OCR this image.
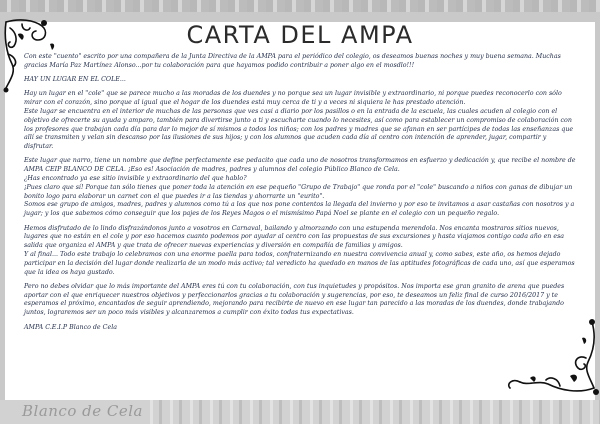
CARTA DEL AMPA

Con este "cuento" escrito por una compañera de la Junta Directiva de la AMPA para el periódico del colegio, os deseamos buenas noches y muy buena semana. Muchas gracias María Paz Martínez Alonso...por tu colaboración para que hayamos podido contribuir a poner algo en el mosdlo!!!

HAY UN LUGAR EN EL COLE...

Hay un lugar en el "cole" que se parece mucho a las moradas de los duendes y no porque sea un lugar invisible y extraordinario, ni porque puedes reconocerlo con sólo mirar con el corazón, sino porque al igual que el hogar de los duendes está muy cerca de ti y a veces ni siquiera le has prestado atención.

Este lugar se encuentra en el interior de muchas de las personas que ves casi a diario por los pasillos o en la entrada de la escuela, las cuales acuden al colegio con el objetivo de ofrecerte su ayuda y amparo, también para divertirse junto a ti y escucharte cuando lo necesites, así como para establecer un compromiso de colaboración con los profesores que trabajan cada día para dar lo mejor de sí mismos a todos los niños; con los padres y madres que se afanan en ser partícipes de todas las enseñanzas que allí se transmiten y velan sin descanso por las ilusiones de sus hijos; y con los alumnos que acuden cada día al centro con intención de aprender, jugar, compartir y

disfrutar.

Este lugar que narro, tiene un nombre que define perfectamente ese pedacito que cada uno de nosotros transformamos en esfuerzo y dedicación y, que recibe el nombre de AMPA CEIP BLANCO DE CELA. ¡Eso es! Asociación de madres, padres y alumnos del colegio Público Blanco de Cela.

¿Has encontrado ya ese sitio invisible y extraordinario del que hablo?

¡Pues claro que sí! Porque tan sólo tienes que poner toda la atención en ese pequeño "Grupo de Trabajo" que ronda por el "cole" buscando a niños con ganas de dibujar un bonito logo para elaborar un carnet con el que puedes ir a las tiendas y ahorrarte un "eurito".

Somos ese grupo de amigos, madres, padres y alumnos como tú a los que nos pone contentos la llegada del invierno y por eso te invitamos a asar castañas con nosotros y a jugar; y los que sabemos cómo conseguir que los pajes de los Reyes Magos o el mismísimo Papá Noel se plante en el colegio con un pequeño regalo.

Hemos disfrutado de lo lindo disfrazándonos junto a vosotros en Carnaval, bailando y almorzando con una estupenda merendola. Nos encanta mostraros sitios nuevos, lugares que no están en el cole y por eso hacemos cuanto podemos por ayudar al centro con las propuestas de sus excursiones y hasta viajamos contigo cada año en esa salida que organiza el AMPA y que trata de ofrecer nuevas experiencias y diversión en compañía de familias y amigos.

Y al final... Todo este trabajo lo celebramos con una enorme paella para todos, confraternizando en nuestra convivencia anual y, como sabes, este año, os hemos dejado participar en la decisión del lugar donde realizarla de un modo más activo; tal veredicto ha quedado en manos de las aptitudes fotográficas de cada uno, así que esperamos que la idea os haya gustado.

Pero no debes olvidar que lo más importante del AMPA eres tú con tu colaboración, con tus inquietudes y propósitos. Nos importa ese gran granito de arena que puedes aportar con el que enriquecer nuestros objetivos y perfeccionarlos gracias a tu colaboración y sugerencias, por eso, te deseamos un feliz final de curso 2016/2017 y te esperamos el próximo, encantados de seguir aprendiendo, mejorando para recibirte de nuevo en ese lugar tan parecido a las moradas de los duendes, donde trabajando juntos, lograremos ser un poco más visibles y alcanzaremos a cumplir con éxito todas tus expectativas.

AMPA C.E.I.P Blanco de Cela

Blanco de Cela
